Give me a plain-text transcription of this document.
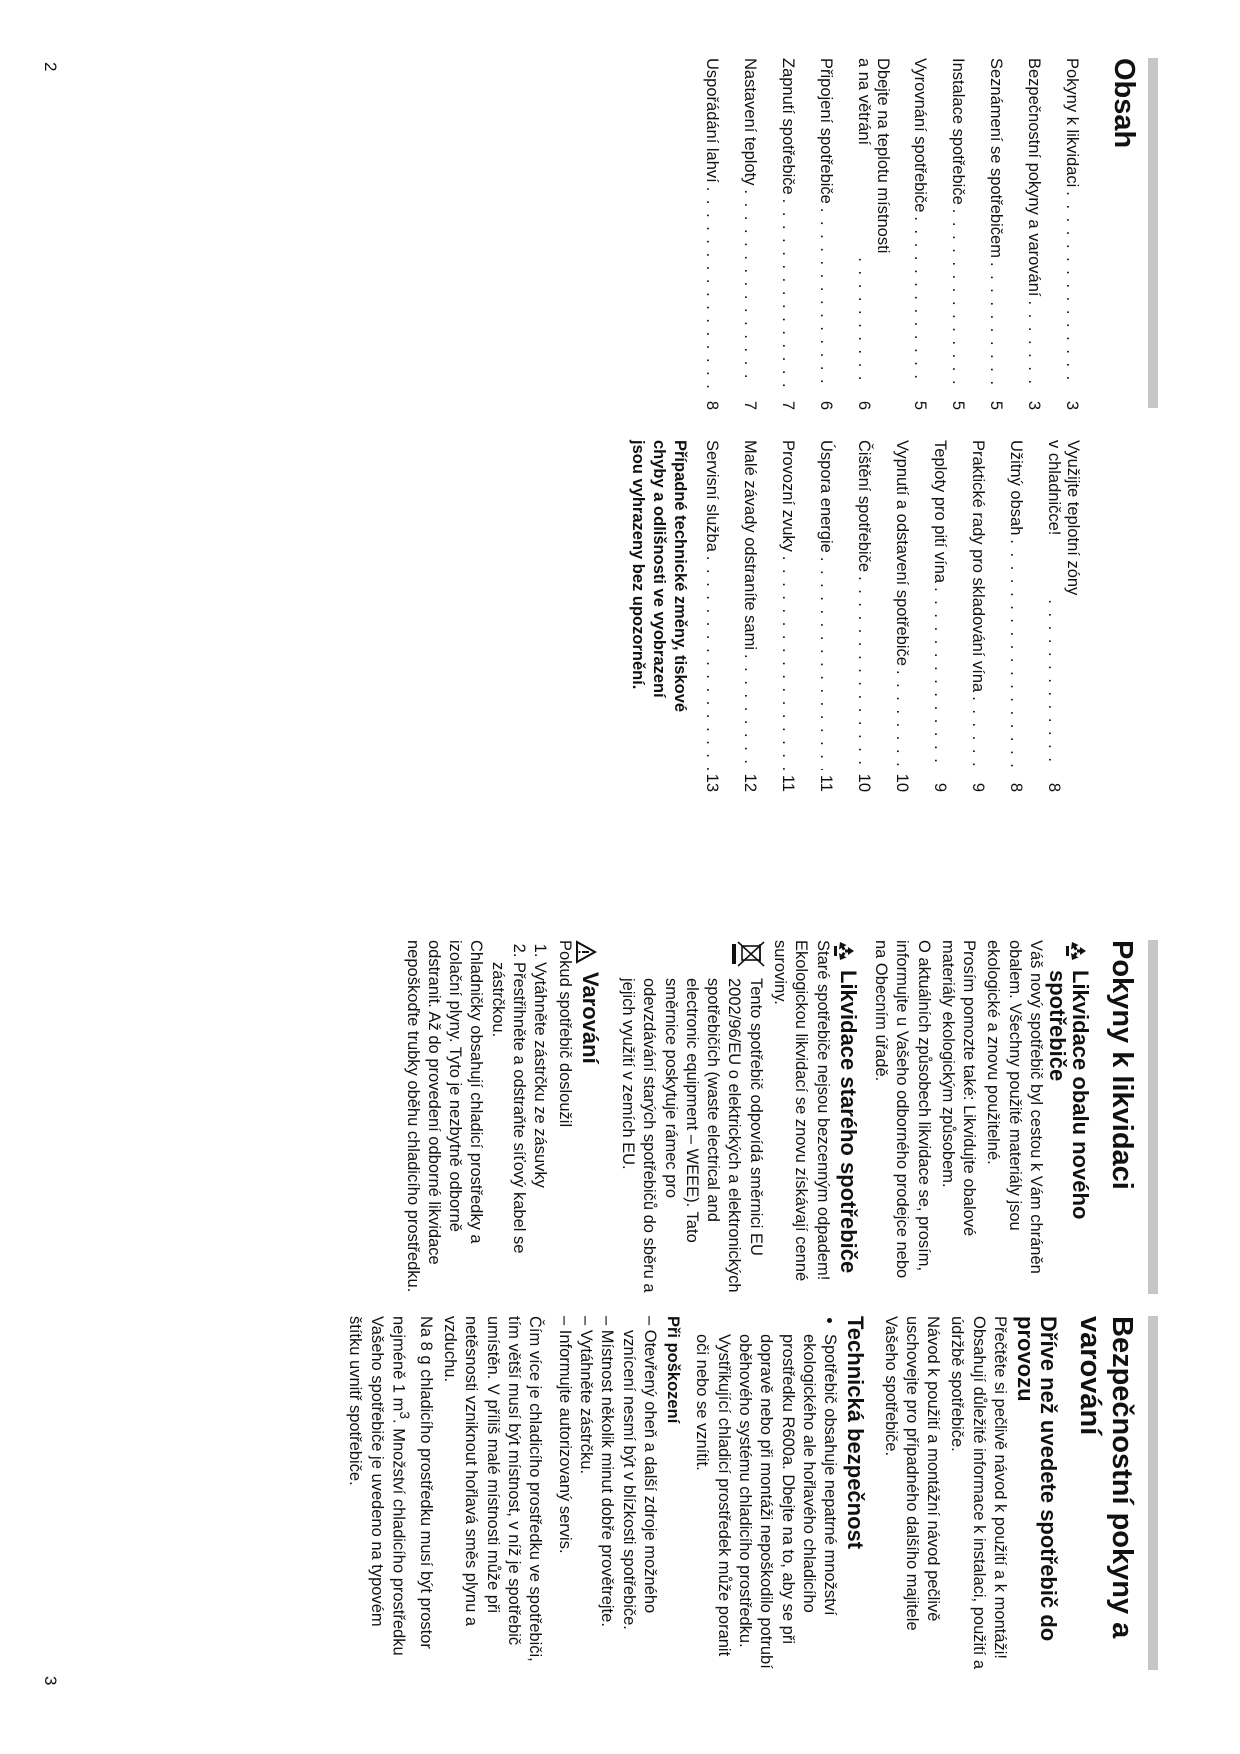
2
3
Obsah
Pokyny k likvidaci
. . .
3
Bezpečnostní pokyny a varování
. . .
3
Seznámení se spotřebičem
. . .
5
Instalace spotřebiče
. . .
5
Vyrovnání spotřebiče
. . .
5
Dbejte na teplotu místnosti
a na větrání
. . .
6
Připojení spotřebiče
. . .
6
Zapnutí spotřebiče
. . .
7
Nastavení teploty
. . .
7
Uspořádání lahví
. . .
8
Využijte teplotní zóny
v chladničce!
. . .
8
Užitný obsah
. . .
8
Praktické rady pro skladování vína
. . .
9
Teploty pro pití vína
. . .
9
Vypnutí a odstavení spotřebiče
. . .
10
Čištění spotřebiče
. . .
10
Úspora energie
. . .
11
Provozní zvuky
. . .
11
Malé závady odstraníte sami
. . .
12
Servisní služba
. . .
13
Případné technické změny, tiskové chyby a odlišnosti ve vyobrazení jsou vyhrazeny bez upozornění.
Pokyny k likvidaci
Likvidace obalu nového spotřebiče

Váš nový spotřebič byl cestou k Vám chráněn obalem. Všechny použité materiály jsou ekologické a znovu použitelné.

Prosím pomozte také: Likvidujte obalové materiály ekologickým způsobem.

O aktuálních způsobech likvidace se, prosím, informujte u Vašeho odborného prodejce nebo na Obecním úřadě.

Likvidace starého spotřebiče

Staré spotřebiče nejsou bezcenným odpadem! Ekologickou likvidací se znovu získávají cenné suroviny.

Tento spotřebič odpovídá směrnici EU 2002/96/EU o elektrických a elektronických spotřebičích (waste electrical and electronic equipment – WEEE). Tato směrnice poskytuje rámec pro odevzdávání starých spotřebičů do sběru a jejich využití v zemích EU.

Varování

Pokud spotřebič dosloužil

1. Vytáhněte zástrčku ze zásuvky
2. Přestřihněte a odstraňte síťový kabel se zástrčkou.

Chladničky obsahují chladicí prostředky a izolační plyny. Tyto je nezbytně odborně odstranit. Až do provedení odborné likvidace nepoškoďte trubky oběhu chladicího prostředku.

Bezpečnostní pokyny a varování
Dříve než uvedete spotřebič do provozu

Přečtěte si pečlivě návod k použití a k montáži! Obsahují důležité informace k instalaci, použití a údržbě spotřebiče.

Návod k použití a montážní návod pečlivě uschovejte pro případného dalšího majitele Vašeho spotřebiče.

Technická bezpečnost
• Spotřebič obsahuje nepatrné množství ekologického ale hořlavého chladicího prostředku R600a. Dbejte na to, aby se při dopravě nebo při montáži nepoškodilo potrubí oběhového systému chladicího prostředku. Vystřikující chladicí prostředek může poranit oči nebo se vznítit.
Při poškození
– Otevřený oheň a další zdroje možného vznícení nesmí být v blízkosti spotřebiče.
– Místnost několik minut dobře provětrejte.
– Vytáhněte zástrčku.
– Informujte autorizovaný servis.

Čím více je chladicího prostředku ve spotřebiči, tím větší musí být místnost, v níž je spotřebič umístěn. V příliš malé místnosti může při netěsnosti vzniknout hořlavá směs plynu a vzduchu.

Na 8 g chladicího prostředku musí být prostor nejméně 1 $m^3$. Množství chladicího prostředku Vašeho spotřebiče je uvedeno na typovém štítku uvnitř spotřebiče.
